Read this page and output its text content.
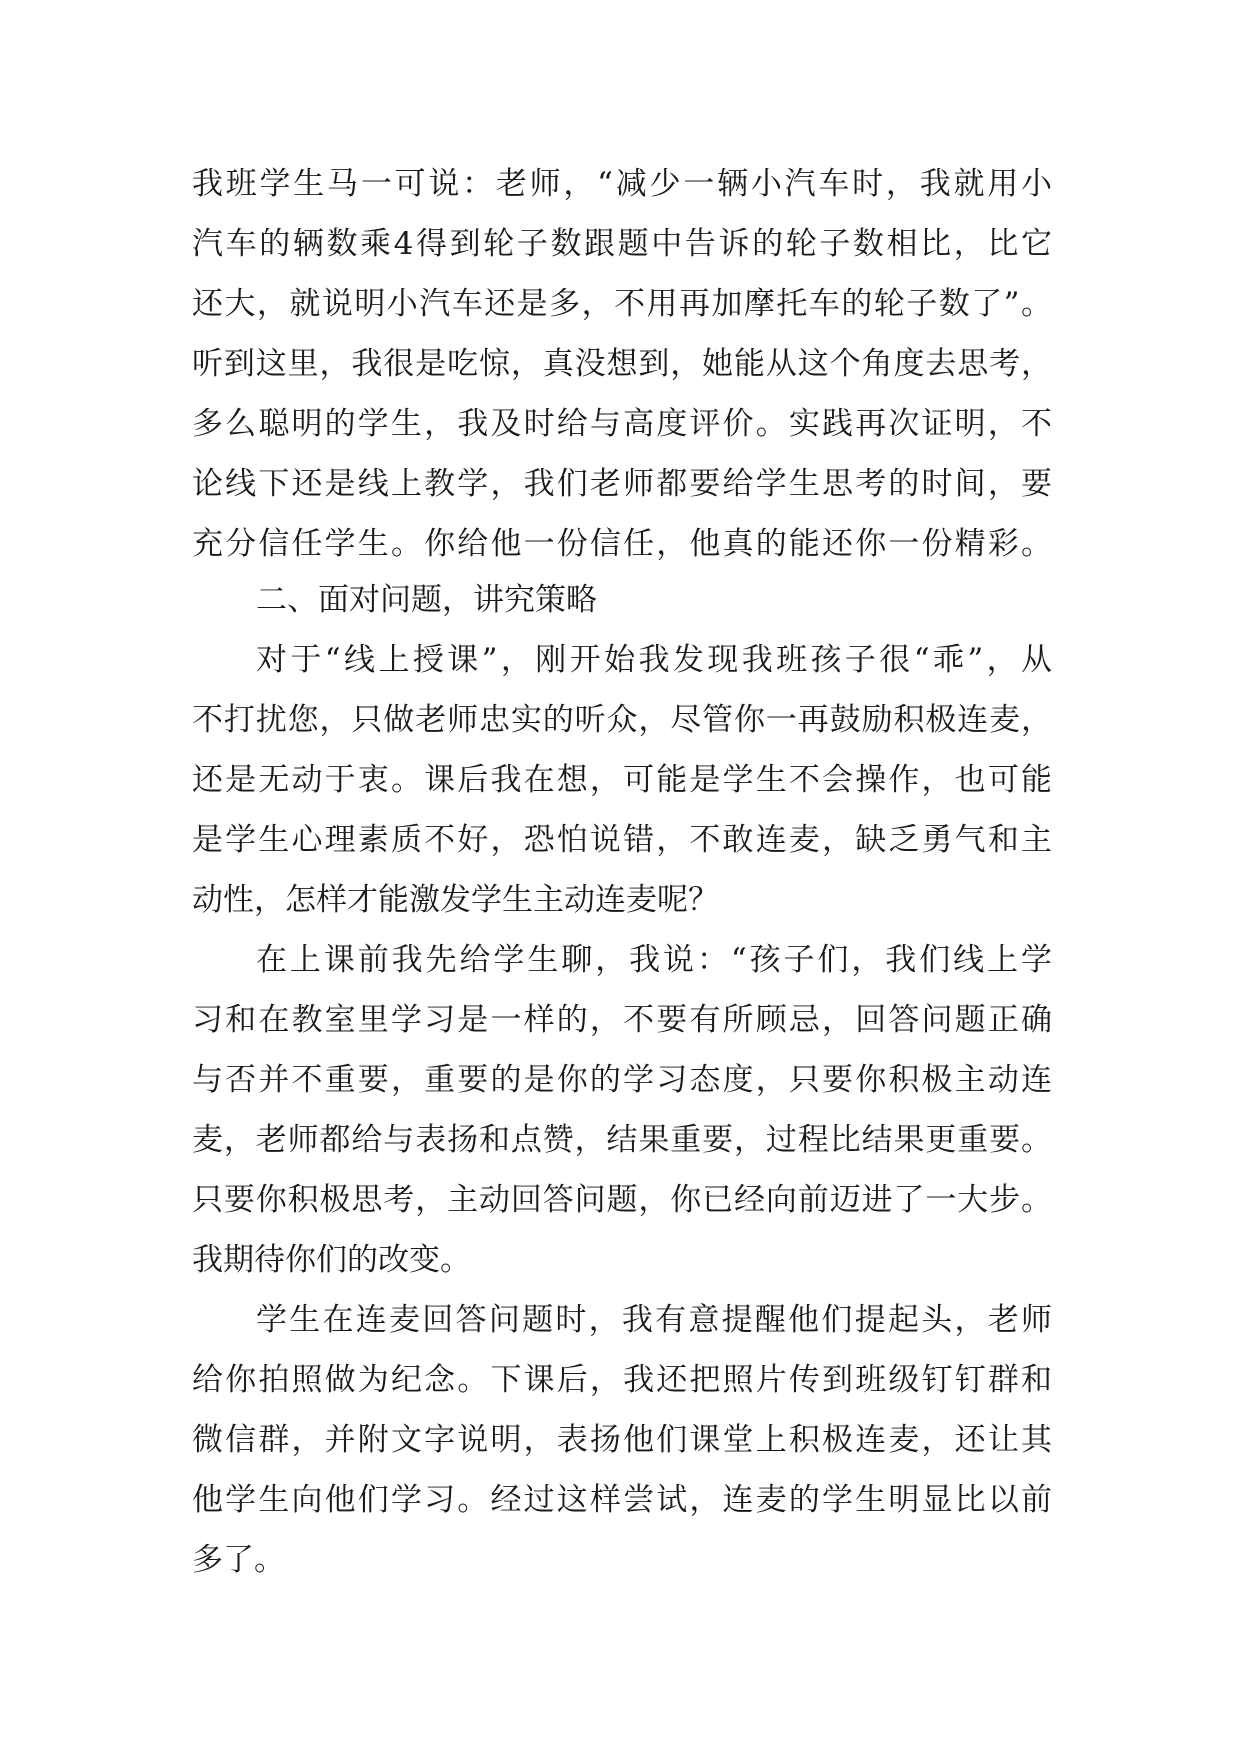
我班学生马一可说：老师，“减少一辆小汽车时，我就用小
汽车的辆数乘4得到轮子数跟题中告诉的轮子数相比，比它
还大，就说明小汽车还是多，不用再加摩托车的轮子数了”。
听到这里，我很是吃惊，真没想到，她能从这个角度去思考，
多么聪明的学生，我及时给与高度评价。实践再次证明，不
论线下还是线上教学，我们老师都要给学生思考的时间，要
充分信任学生。你给他一份信任，他真的能还你一份精彩。
二、面对问题，讲究策略
对于“线上授课”，刚开始我发现我班孩子很“乖”，从
不打扰您，只做老师忠实的听众，尽管你一再鼓励积极连麦，
还是无动于衷。课后我在想，可能是学生不会操作，也可能
是学生心理素质不好，恐怕说错，不敢连麦，缺乏勇气和主
动性，怎样才能激发学生主动连麦呢？
在上课前我先给学生聊，我说：“孩子们，我们线上学
习和在教室里学习是一样的，不要有所顾忌，回答问题正确
与否并不重要，重要的是你的学习态度，只要你积极主动连
麦，老师都给与表扬和点赞，结果重要，过程比结果更重要。
只要你积极思考，主动回答问题，你已经向前迈进了一大步。
我期待你们的改变。
学生在连麦回答问题时，我有意提醒他们提起头，老师
给你拍照做为纪念。下课后，我还把照片传到班级钉钉群和
微信群，并附文字说明，表扬他们课堂上积极连麦，还让其
他学生向他们学习。经过这样尝试，连麦的学生明显比以前
多了。
